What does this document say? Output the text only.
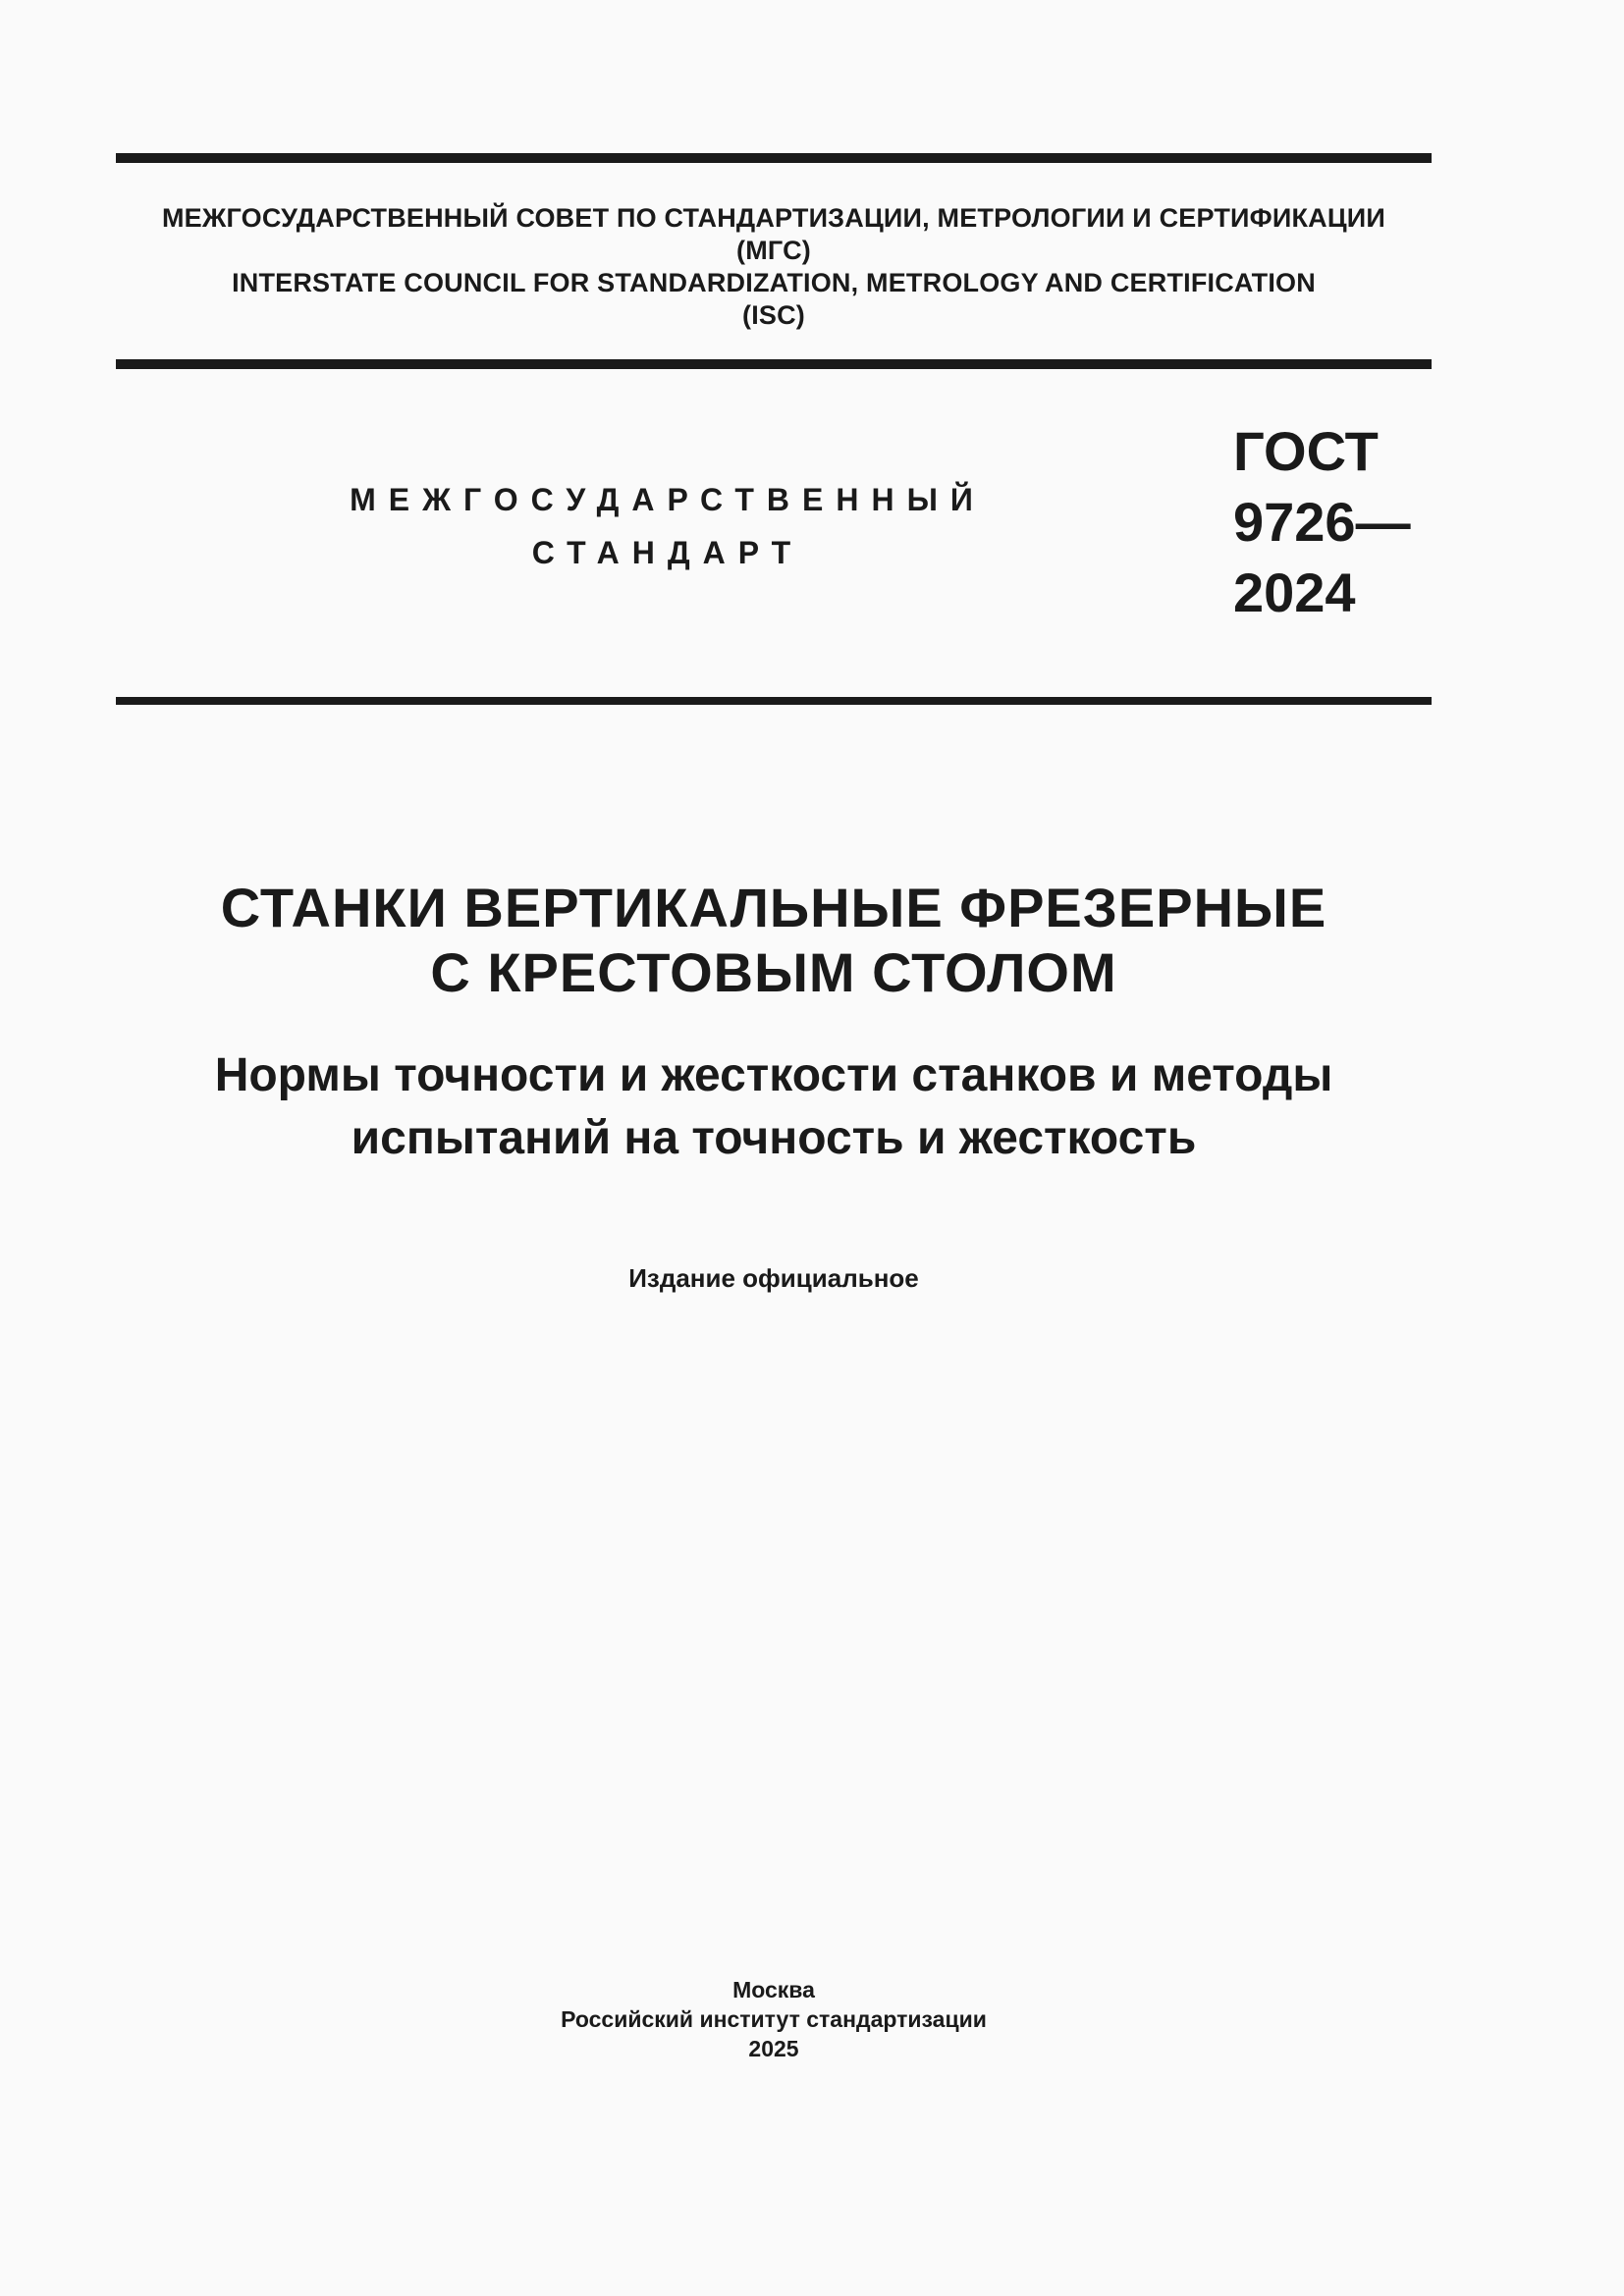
МЕЖГОСУДАРСТВЕННЫЙ СОВЕТ ПО СТАНДАРТИЗАЦИИ, МЕТРОЛОГИИ И СЕРТИФИКАЦИИ
(МГС)
INTERSTATE COUNCIL FOR STANDARDIZATION, METROLOGY AND CERTIFICATION
(ISC)
МЕЖГОСУДАРСТВЕННЫЙ
СТАНДАРТ
ГОСТ
9726—
2024
СТАНКИ ВЕРТИКАЛЬНЫЕ ФРЕЗЕРНЫЕ
С КРЕСТОВЫМ СТОЛОМ
Нормы точности и жесткости станков и методы
испытаний на точность и жесткость
Издание официальное
Москва
Российский институт стандартизации
2025
